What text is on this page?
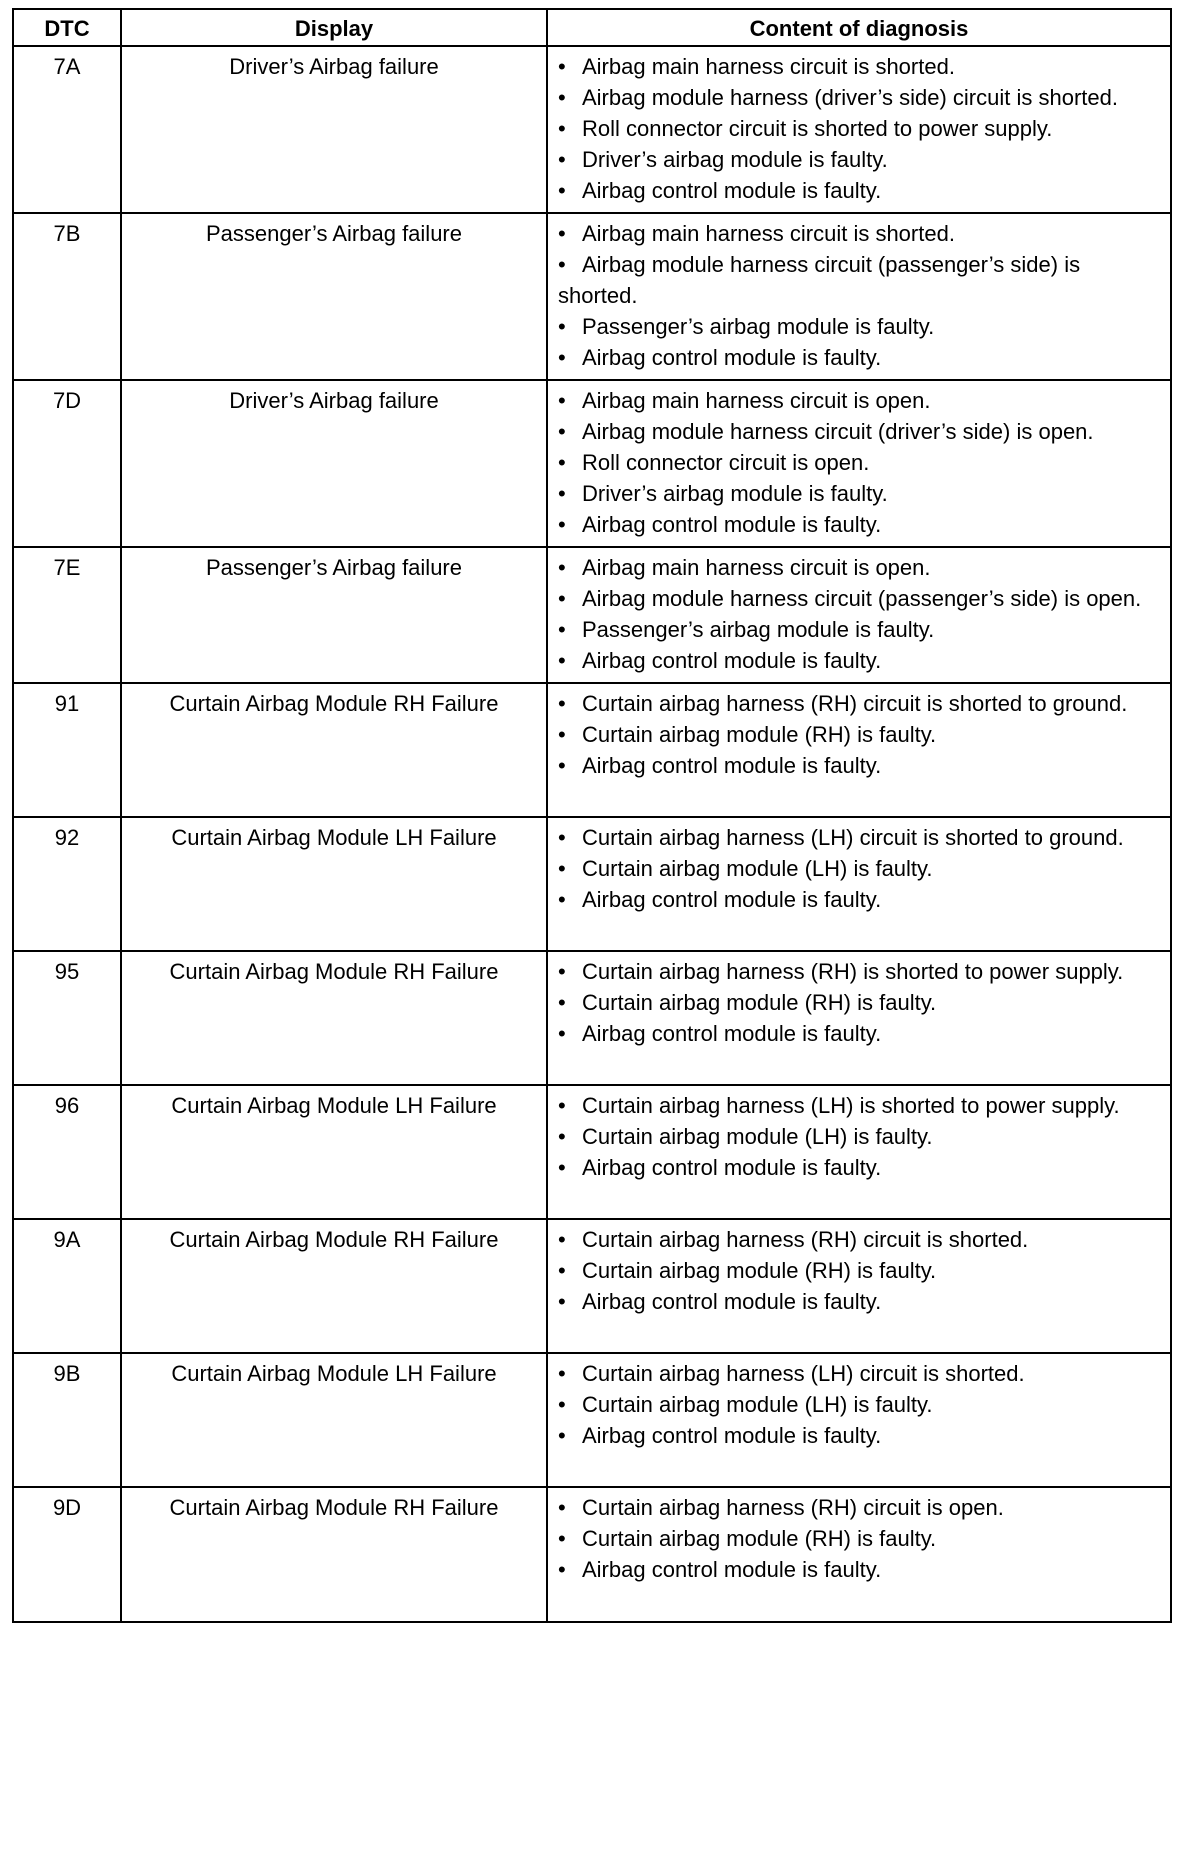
DTC	Display	Content of diagnosis
7A	Driver’s Airbag failure	• Airbag main harness circuit is shorted.
• Airbag module harness (driver’s side) circuit is shorted.
• Roll connector circuit is shorted to power supply.
• Driver’s airbag module is faulty.
• Airbag control module is faulty.

7B	Passenger’s Airbag failure	• Airbag main harness circuit is shorted.
• Airbag module harness circuit (passenger’s side) is shorted.
• Passenger’s airbag module is faulty.
• Airbag control module is faulty.

7D	Driver’s Airbag failure	• Airbag main harness circuit is open.
• Airbag module harness circuit (driver’s side) is open.
• Roll connector circuit is open.
• Driver’s airbag module is faulty.
• Airbag control module is faulty.

7E	Passenger’s Airbag failure	• Airbag main harness circuit is open.
• Airbag module harness circuit (passenger’s side) is open.
• Passenger’s airbag module is faulty.
• Airbag control module is faulty.

91	Curtain Airbag Module RH Failure	• Curtain airbag harness (RH) circuit is shorted to ground.
• Curtain airbag module (RH) is faulty.
• Airbag control module is faulty.

92	Curtain Airbag Module LH Failure	• Curtain airbag harness (LH) circuit is shorted to ground.
• Curtain airbag module (LH) is faulty.
• Airbag control module is faulty.

95	Curtain Airbag Module RH Failure	• Curtain airbag harness (RH) is shorted to power supply.
• Curtain airbag module (RH) is faulty.
• Airbag control module is faulty.

96	Curtain Airbag Module LH Failure	• Curtain airbag harness (LH) is shorted to power supply.
• Curtain airbag module (LH) is faulty.
• Airbag control module is faulty.

9A	Curtain Airbag Module RH Failure	• Curtain airbag harness (RH) circuit is shorted.
• Curtain airbag module (RH) is faulty.
• Airbag control module is faulty.

9B	Curtain Airbag Module LH Failure	• Curtain airbag harness (LH) circuit is shorted.
• Curtain airbag module (LH) is faulty.
• Airbag control module is faulty.

9D	Curtain Airbag Module RH Failure	• Curtain airbag harness (RH) circuit is open.
• Curtain airbag module (RH) is faulty.
• Airbag control module is faulty.
